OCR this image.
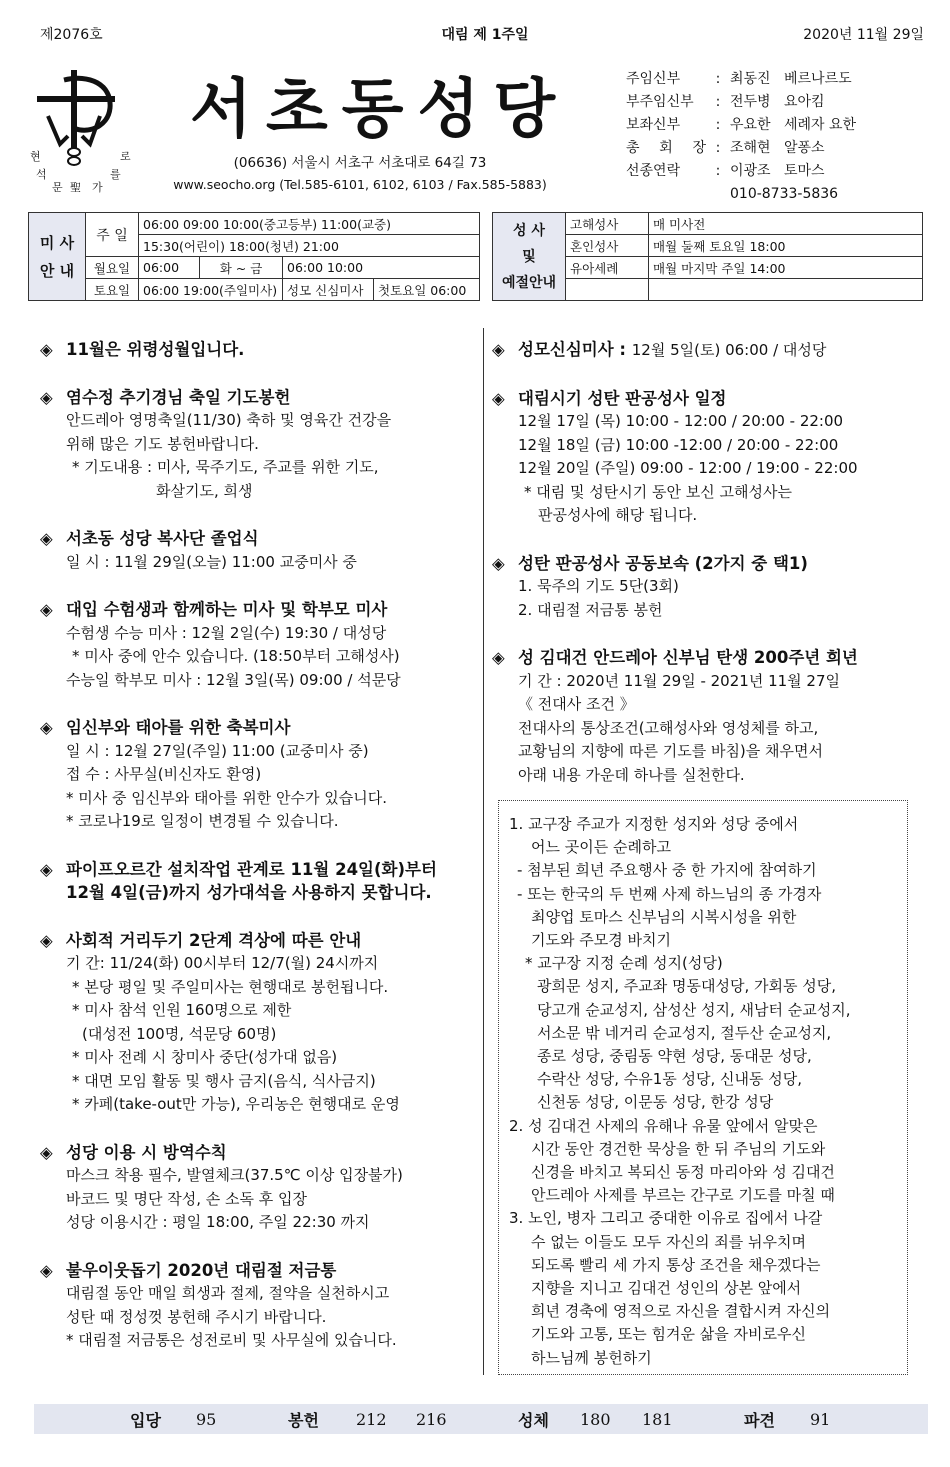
제2076호	대림 제 1주일	2020년 11월 29일
현	로
석
문 聖 가
를
서초동성당
(06636) 서울시 서초구 서초대로 64길 73
www.seocho.org (Tel.585-6101, 6102, 6103 / Fax.585-5883)
주임신부	: 최동진 베르나르도
부주임신부	: 전두병 요아킴
보좌신부	: 우요한 세례자 요한
총 회 장 : 조해현 알퐁소
선종연락	: 이광조 토마스
010-8733-5836
미 사
안 내	주 일	06:00 09:00 10:00(중고등부) 11:00(교중)			
		15:30(어린이) 18:00(청년) 21:00			
	월요일	06:00	화 ~ 금	06:00 10:00	
	토요일	06:00 19:00(주일미사)		성모 신심미사	첫토요일 06:00
성 사
및
예절안내	고해성사	매 미사전
	혼인성사	매월 둘째 토요일 18:00
	유아세례	매월 마지막 주일 14:00

◈ 11월은 위령성월입니다.
◈ 염수정 추기경님 축일 기도봉헌
안드레아 영명축일(11/30) 축하 및 영육간 건강을
위해 많은 기도 봉헌바랍니다.
* 기도내용 : 미사, 묵주기도, 주교를 위한 기도,
화살기도, 희생
◈ 서초동 성당 복사단 졸업식
일 시 : 11월 29일(오늘) 11:00 교중미사 중
◈ 대입 수험생과 함께하는 미사 및 학부모 미사
수험생 수능 미사 : 12월 2일(수) 19:30 / 대성당
* 미사 중에 안수 있습니다. (18:50부터 고해성사)
수능일 학부모 미사 : 12월 3일(목) 09:00 / 석문당
◈ 임신부와 태아를 위한 축복미사
일 시 : 12월 27일(주일) 11:00 (교중미사 중)
접 수 : 사무실(비신자도 환영)
* 미사 중 임신부와 태아를 위한 안수가 있습니다.
* 코로나19로 일정이 변경될 수 있습니다.
◈ 파이프오르간 설치작업 관계로 11월 24일(화)부터
12월 4일(금)까지 성가대석을 사용하지 못합니다.
◈ 사회적 거리두기 2단계 격상에 따른 안내
기 간: 11/24(화) 00시부터 12/7(월) 24시까지
* 본당 평일 및 주일미사는 현행대로 봉헌됩니다.
* 미사 참석 인원 160명으로 제한
(대성전 100명, 석문당 60명)
* 미사 전례 시 창미사 중단(성가대 없음)
* 대면 모임 활동 및 행사 금지(음식, 식사금지)
* 카페(take-out만 가능), 우리농은 현행대로 운영
◈ 성당 이용 시 방역수칙
마스크 착용 필수, 발열체크(37.5℃ 이상 입장불가)
바코드 및 명단 작성, 손 소독 후 입장
성당 이용시간 : 평일 18:00, 주일 22:30 까지
◈ 불우이웃돕기 2020년 대림절 저금통
대림절 동안 매일 희생과 절제, 절약을 실천하시고
성탄 때 정성껏 봉헌해 주시기 바랍니다.
* 대림절 저금통은 성전로비 및 사무실에 있습니다.
◈ 성모신심미사 : 12월 5일(토) 06:00 / 대성당
◈ 대림시기 성탄 판공성사 일정
12월 17일 (목) 10:00 - 12:00 / 20:00 - 22:00
12월 18일 (금) 10:00 -12:00 / 20:00 - 22:00
12월 20일 (주일) 09:00 - 12:00 / 19:00 - 22:00
* 대림 및 성탄시기 동안 보신 고해성사는
판공성사에 해당 됩니다.
◈ 성탄 판공성사 공동보속 (2가지 중 택1)
1. 묵주의 기도 5단(3회)
2. 대림절 저금통 봉헌
◈ 성 김대건 안드레아 신부님 탄생 200주년 희년
기 간 : 2020년 11월 29일 - 2021년 11월 27일
《 전대사 조건 》
전대사의 통상조건(고해성사와 영성체를 하고,
교황님의 지향에 따른 기도를 바침)을 채우면서
아래 내용 가운데 하나를 실천한다.
1. 교구장 주교가 지정한 성지와 성당 중에서
어느 곳이든 순례하고
- 첨부된 희년 주요행사 중 한 가지에 참여하기
- 또는 한국의 두 번째 사제 하느님의 종 가경자
최양업 토마스 신부님의 시복시성을 위한
기도와 주모경 바치기
* 교구장 지정 순례 성지(성당)
광희문 성지, 주교좌 명동대성당, 가회동 성당,
당고개 순교성지, 삼성산 성지, 새남터 순교성지,
서소문 밖 네거리 순교성지, 절두산 순교성지,
종로 성당, 중림동 약현 성당, 동대문 성당,
수락산 성당, 수유1동 성당, 신내동 성당,
신천동 성당, 이문동 성당, 한강 성당
2. 성 김대건 사제의 유해나 유물 앞에서 알맞은
시간 동안 경건한 묵상을 한 뒤 주님의 기도와
신경을 바치고 복되신 동정 마리아와 성 김대건
안드레아 사제를 부르는 간구로 기도를 마칠 때
3. 노인, 병자 그리고 중대한 이유로 집에서 나갈
수 없는 이들도 모두 자신의 죄를 뉘우치며
되도록 빨리 세 가지 통상 조건을 채우겠다는
지향을 지니고 김대건 성인의 상본 앞에서
희년 경축에 영적으로 자신을 결합시켜 자신의
기도와 고통, 또는 힘겨운 삶을 자비로우신
하느님께 봉헌하기
입당 95	봉헌 212 216	성체 180 181	파견 91
